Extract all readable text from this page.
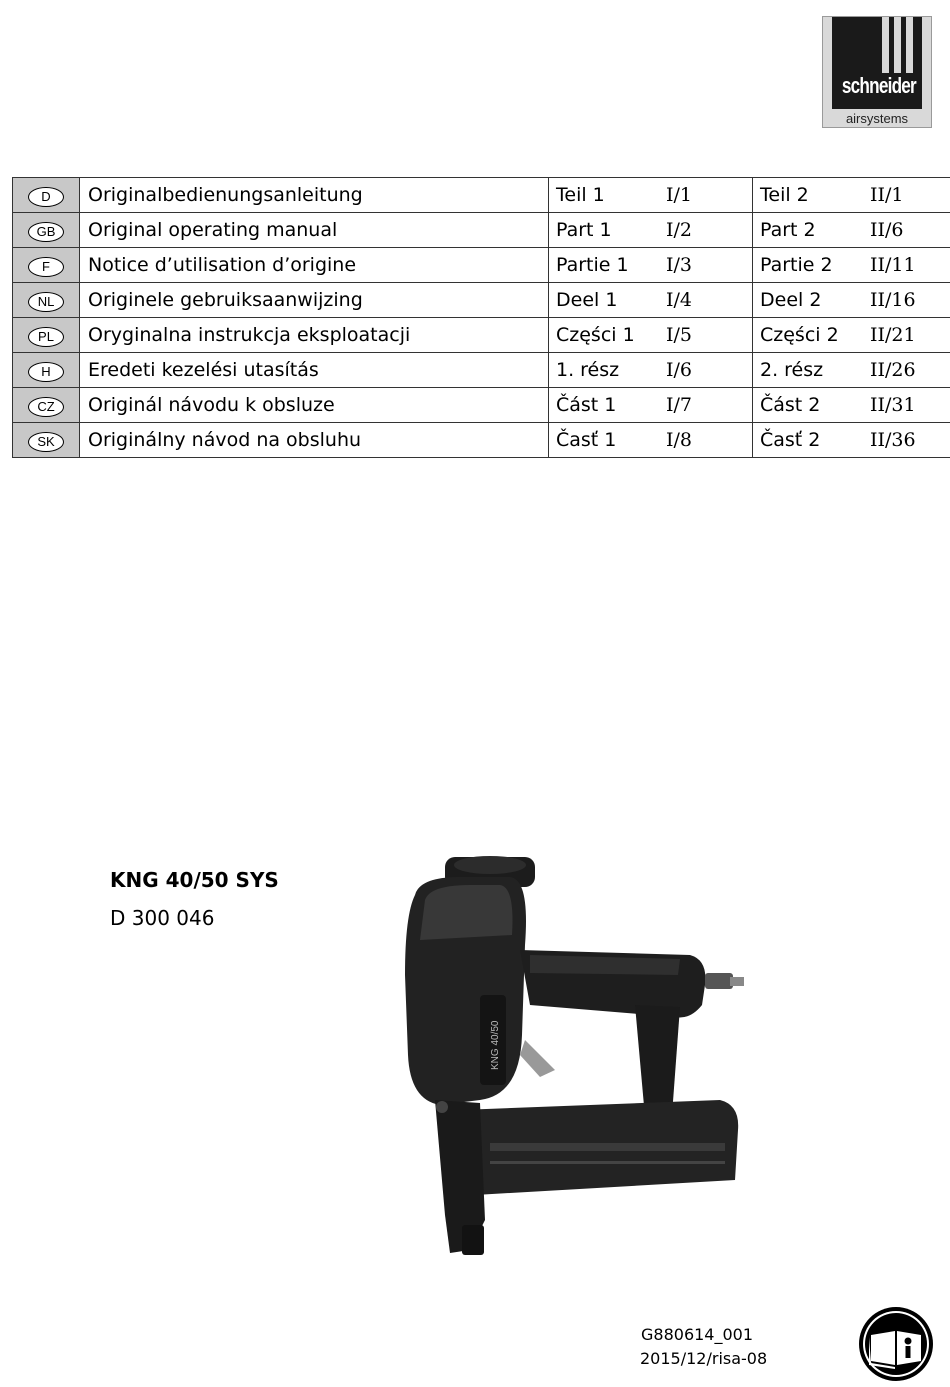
schneider
airsystems
D	Originalbedienungsanleitung	Teil 1 I/1	Teil 2 II/1
GB	Original operating manual	Part 1 I/2	Part 2 II/6
F	Notice d’utilisation d’origine	Partie 1 I/3	Partie 2 II/11
NL	Originele gebruiksaanwijzing	Deel 1 I/4	Deel 2 II/16
PL	Oryginalna instrukcja eksploatacji	Części 1 I/5	Części 2 II/21
H	Eredeti kezelési utasítás	1. rész I/6	2. rész II/26
CZ	Originál návodu k obsluze	Část 1 I/7	Část 2 II/31
SK	Originálny návod na obsluhu	Časť 1 I/8	Časť 2 II/36
KNG 40/50 SYS
D 300 046
KNG 40/50
G880614_001
2015/12/risa-08
